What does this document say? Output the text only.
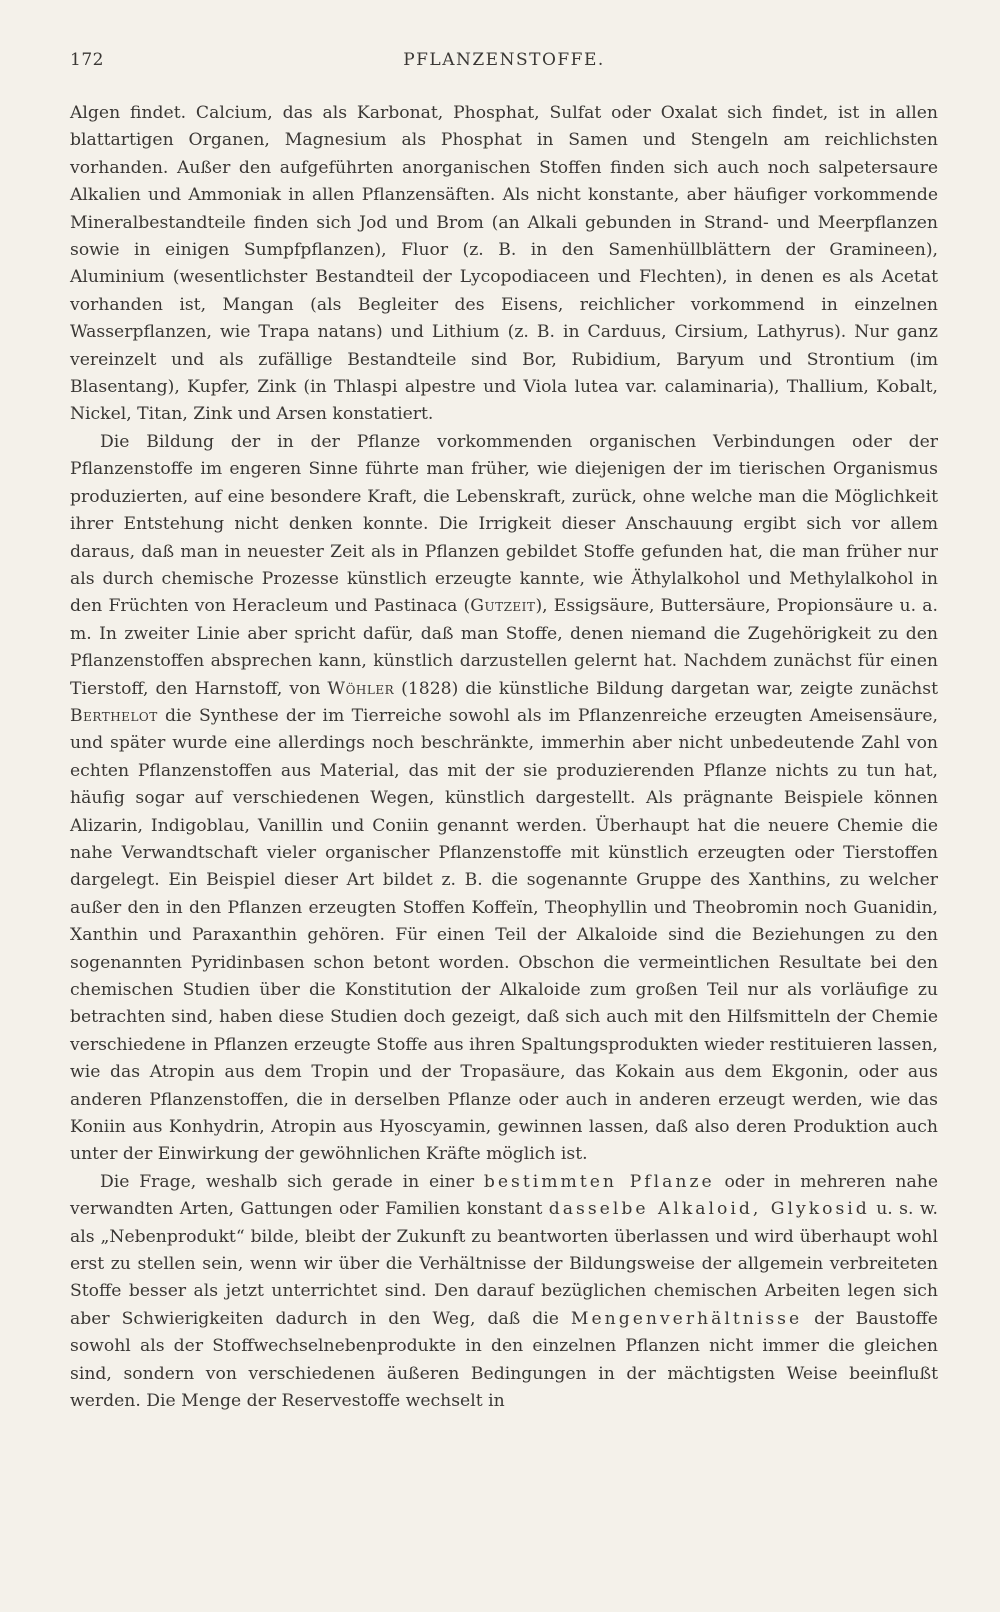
172	PFLANZENSTOFFE.

Algen findet. Calcium, das als Karbonat, Phosphat, Sulfat oder Oxalat sich findet, ist in allen blattartigen Organen, Magnesium als Phosphat in Samen und Stengeln am reichlichsten vorhanden. Außer den aufgeführten anorganischen Stoffen finden sich auch noch salpetersaure Alkalien und Ammoniak in allen Pflanzensäften. Als nicht konstante, aber häufiger vorkommende Mineralbestandteile finden sich Jod und Brom (an Alkali gebunden in Strand- und Meerpflanzen sowie in einigen Sumpfpflanzen), Fluor (z. B. in den Samenhüllblättern der Gramineen), Aluminium (wesentlichster Bestandteil der Lycopodiaceen und Flechten), in denen es als Acetat vorhanden ist, Mangan (als Begleiter des Eisens, reichlicher vorkommend in einzelnen Wasserpflanzen, wie Trapa natans) und Lithium (z. B. in Carduus, Cirsium, Lathyrus). Nur ganz vereinzelt und als zufällige Bestandteile sind Bor, Rubidium, Baryum und Strontium (im Blasentang), Kupfer, Zink (in Thlaspi alpestre und Viola lutea var. calaminaria), Thallium, Kobalt, Nickel, Titan, Zink und Arsen konstatiert.

Die Bildung der in der Pflanze vorkommenden organischen Verbindungen oder der Pflanzenstoffe im engeren Sinne führte man früher, wie diejenigen der im tierischen Organismus produzierten, auf eine besondere Kraft, die Lebenskraft, zurück, ohne welche man die Möglichkeit ihrer Entstehung nicht denken konnte. Die Irrigkeit dieser Anschauung ergibt sich vor allem daraus, daß man in neuester Zeit als in Pflanzen gebildet Stoffe gefunden hat, die man früher nur als durch chemische Prozesse künstlich erzeugte kannte, wie Äthylalkohol und Methylalkohol in den Früchten von Heracleum und Pastinaca (Gutzeit), Essigsäure, Buttersäure, Propionsäure u. a. m. In zweiter Linie aber spricht dafür, daß man Stoffe, denen niemand die Zugehörigkeit zu den Pflanzenstoffen absprechen kann, künstlich darzustellen gelernt hat. Nachdem zunächst für einen Tierstoff, den Harnstoff, von Wöhler (1828) die künstliche Bildung dargetan war, zeigte zunächst Berthelot die Synthese der im Tierreiche sowohl als im Pflanzenreiche erzeugten Ameisensäure, und später wurde eine allerdings noch beschränkte, immerhin aber nicht unbedeutende Zahl von echten Pflanzenstoffen aus Material, das mit der sie produzierenden Pflanze nichts zu tun hat, häufig sogar auf verschiedenen Wegen, künstlich dargestellt. Als prägnante Beispiele können Alizarin, Indigoblau, Vanillin und Coniin genannt werden. Überhaupt hat die neuere Chemie die nahe Verwandtschaft vieler organischer Pflanzenstoffe mit künstlich erzeugten oder Tierstoffen dargelegt. Ein Beispiel dieser Art bildet z. B. die sogenannte Gruppe des Xanthins, zu welcher außer den in den Pflanzen erzeugten Stoffen Koffeïn, Theophyllin und Theobromin noch Guanidin, Xanthin und Paraxanthin gehören. Für einen Teil der Alkaloide sind die Beziehungen zu den sogenannten Pyridinbasen schon betont worden. Obschon die vermeintlichen Resultate bei den chemischen Studien über die Konstitution der Alkaloide zum großen Teil nur als vorläufige zu betrachten sind, haben diese Studien doch gezeigt, daß sich auch mit den Hilfsmitteln der Chemie verschiedene in Pflanzen erzeugte Stoffe aus ihren Spaltungsprodukten wieder restituieren lassen, wie das Atropin aus dem Tropin und der Tropasäure, das Kokain aus dem Ekgonin, oder aus anderen Pflanzenstoffen, die in derselben Pflanze oder auch in anderen erzeugt werden, wie das Koniin aus Konhydrin, Atropin aus Hyoscyamin, gewinnen lassen, daß also deren Produktion auch unter der Einwirkung der gewöhnlichen Kräfte möglich ist.

Die Frage, weshalb sich gerade in einer bestimmten Pflanze oder in mehreren nahe verwandten Arten, Gattungen oder Familien konstant dasselbe Alkaloid, Glykosid u. s. w. als „Nebenprodukt“ bilde, bleibt der Zukunft zu beantworten überlassen und wird überhaupt wohl erst zu stellen sein, wenn wir über die Verhältnisse der Bildungsweise der allgemein verbreiteten Stoffe besser als jetzt unterrichtet sind. Den darauf bezüglichen chemischen Arbeiten legen sich aber Schwierigkeiten dadurch in den Weg, daß die Mengenverhältnisse der Baustoffe sowohl als der Stoffwechselnebenprodukte in den einzelnen Pflanzen nicht immer die gleichen sind, sondern von verschiedenen äußeren Bedingungen in der mächtigsten Weise beeinflußt werden. Die Menge der Reservestoffe wechselt in
